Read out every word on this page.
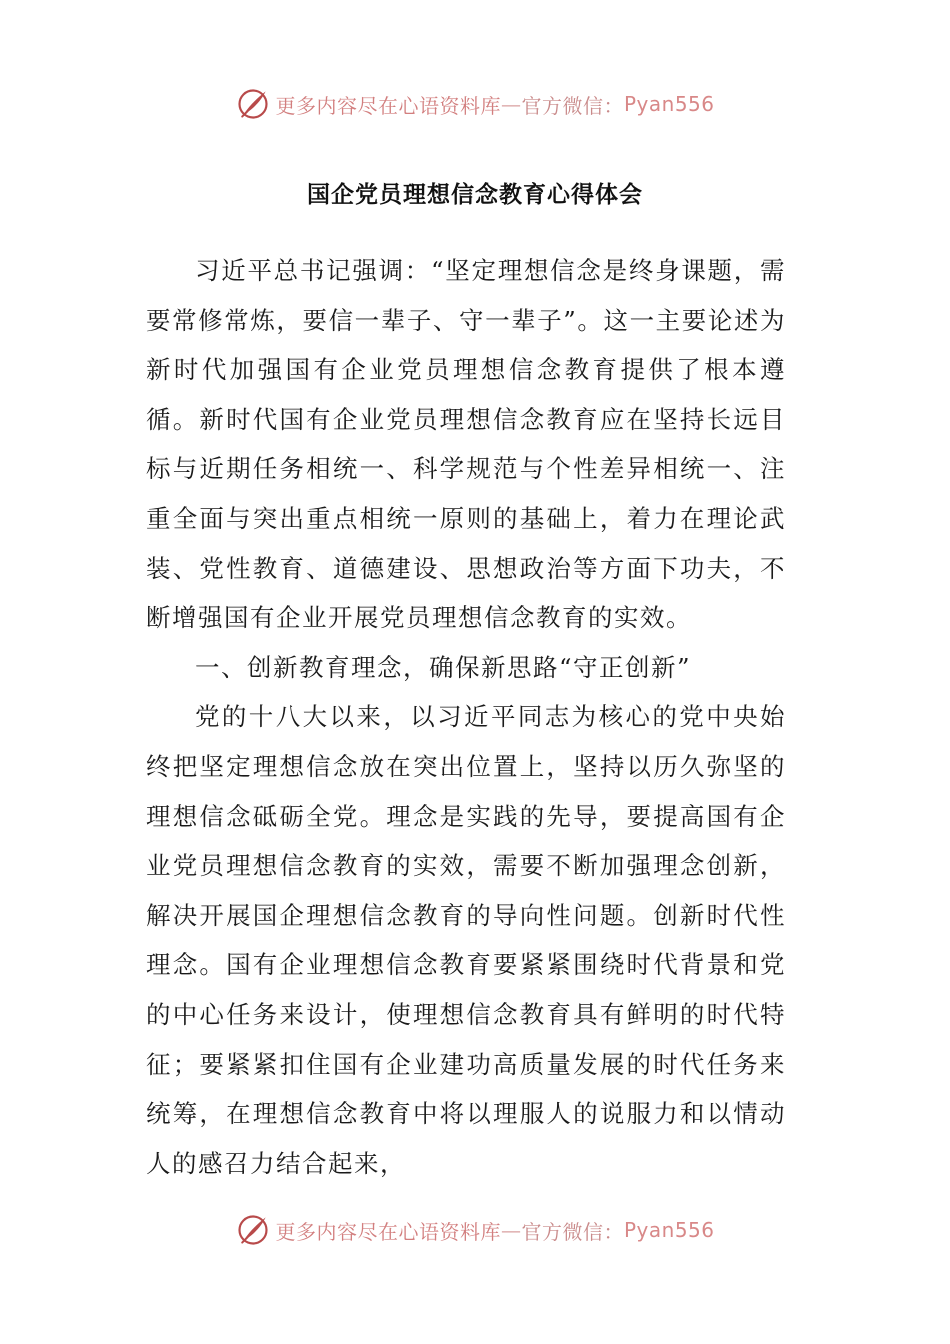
更多内容尽在心语资料库 — 官方微信： Pyan556
国企党员理想信念教育心得体会

习近平总书记强调：“坚定理想信念是终身课题，需要常修常炼，要信一辈子、守一辈子”。这一主要论述为新时代加强国有企业党员理想信念教育提供了根本遵循。新时代国有企业党员理想信念教育应在坚持长远目标与近期任务相统一、科学规范与个性差异相统一、注重全面与突出重点相统一原则的基础上，着力在理论武装、党性教育、道德建设、思想政治等方面下功夫，不断增强国有企业开展党员理想信念教育的实效。

一、创新教育理念，确保新思路“守正创新”

党的十八大以来，以习近平同志为核心的党中央始终把坚定理想信念放在突出位置上，坚持以历久弥坚的理想信念砥砺全党。理念是实践的先导，要提高国有企业党员理想信念教育的实效，需要不断加强理念创新，解决开展国企理想信念教育的导向性问题。创新时代性理念。国有企业理想信念教育要紧紧围绕时代背景和党的中心任务来设计，使理想信念教育具有鲜明的时代特征；要紧紧扣住国有企业建功高质量发展的时代任务来统筹，在理想信念教育中将以理服人的说服力和以情动人的感召力结合起来，

更多内容尽在心语资料库 — 官方微信： Pyan556
